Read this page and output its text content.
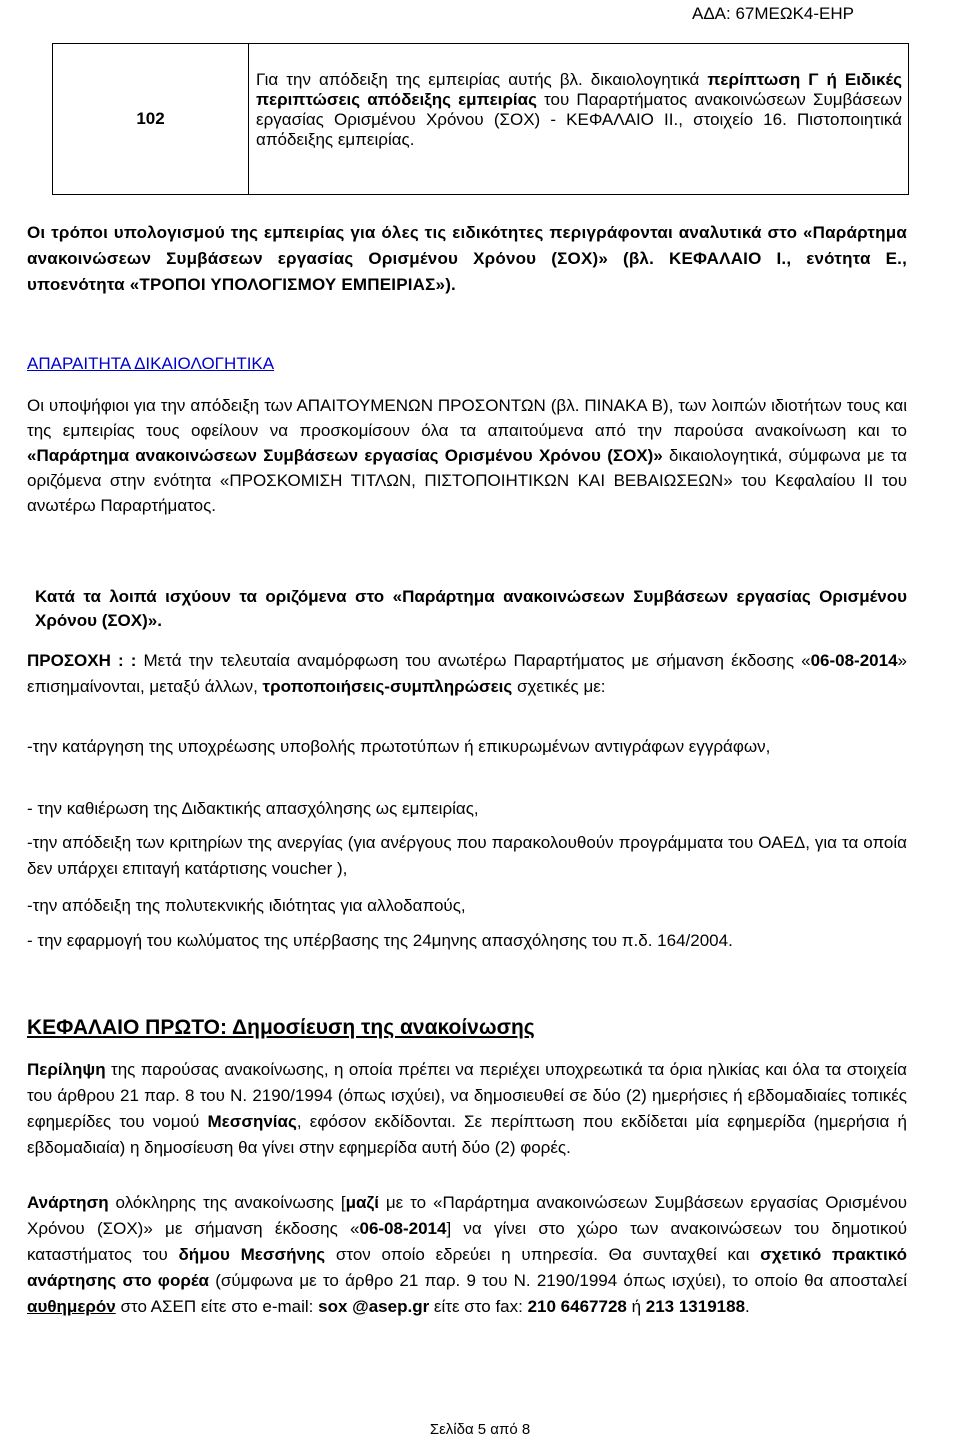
ΑΔΑ: 67ΜΕΩΚ4-ΕΗΡ
102
Για την απόδειξη της εμπειρίας αυτής βλ. δικαιολογητικά περίπτωση Γ ή Ειδικές περιπτώσεις απόδειξης εμπειρίας του Παραρτήματος ανακοινώσεων Συμβάσεων εργασίας Ορισμένου Χρόνου (ΣΟΧ) - ΚΕΦΑΛΑΙΟ ΙΙ., στοιχείο 16. Πιστοποιητικά απόδειξης εμπειρίας.
Οι τρόποι υπολογισμού της εμπειρίας για όλες τις ειδικότητες περιγράφονται αναλυτικά στο «Παράρτημα ανακοινώσεων Συμβάσεων εργασίας Ορισμένου Χρόνου (ΣΟΧ)» (βλ. ΚΕΦΑΛΑΙΟ Ι., ενότητα Ε., υποενότητα «ΤΡΟΠΟΙ ΥΠΟΛΟΓΙΣΜΟΥ ΕΜΠΕΙΡΙΑΣ»).
ΑΠΑΡΑΙΤΗΤΑ ΔΙΚΑΙΟΛΟΓΗΤΙΚΑ
Οι υποψήφιοι για την απόδειξη των ΑΠΑΙΤΟΥΜΕΝΩΝ ΠΡΟΣΟΝΤΩΝ (βλ. ΠΙΝΑΚΑ Β), των λοιπών ιδιοτήτων τους και της εμπειρίας τους οφείλουν να προσκομίσουν όλα τα απαιτούμενα από την παρούσα ανακοίνωση και το «Παράρτημα ανακοινώσεων Συμβάσεων εργασίας Ορισμένου Χρόνου (ΣΟΧ)» δικαιολογητικά, σύμφωνα με τα οριζόμενα στην ενότητα «ΠΡΟΣΚΟΜΙΣΗ ΤΙΤΛΩΝ, ΠΙΣΤΟΠΟΙΗΤΙΚΩΝ ΚΑΙ ΒΕΒΑΙΩΣΕΩΝ» του Κεφαλαίου ΙΙ του ανωτέρω Παραρτήματος.
Κατά τα λοιπά ισχύουν τα οριζόμενα στο «Παράρτημα ανακοινώσεων Συμβάσεων εργασίας Ορισμένου Χρόνου (ΣΟΧ)».
ΠΡΟΣΟΧΗ : : Μετά την τελευταία αναμόρφωση του ανωτέρω Παραρτήματος με σήμανση έκδοσης «06-08-2014» επισημαίνονται, μεταξύ άλλων, τροποποιήσεις-συμπληρώσεις σχετικές με:
-την κατάργηση της υποχρέωσης υποβολής πρωτοτύπων ή επικυρωμένων αντιγράφων εγγράφων,
- την καθιέρωση της Διδακτικής απασχόλησης ως εμπειρίας,
-την απόδειξη των κριτηρίων της ανεργίας (για ανέργους που παρακολουθούν προγράμματα του ΟΑΕΔ, για τα οποία δεν υπάρχει επιταγή κατάρτισης voucher ),
-την απόδειξη της πολυτεκνικής ιδιότητας για αλλοδαπούς,
- την εφαρμογή του κωλύματος της υπέρβασης της 24μηνης απασχόλησης του π.δ. 164/2004.
ΚΕΦΑΛΑΙΟ ΠΡΩΤΟ: Δημοσίευση της ανακοίνωσης
Περίληψη της παρούσας ανακοίνωσης, η οποία πρέπει να περιέχει υποχρεωτικά τα όρια ηλικίας και όλα τα στοιχεία του άρθρου 21 παρ. 8 του Ν. 2190/1994 (όπως ισχύει), να δημοσιευθεί σε δύο (2) ημερήσιες ή εβδομαδιαίες τοπικές εφημερίδες του νομού Μεσσηνίας, εφόσον εκδίδονται. Σε περίπτωση που εκδίδεται μία εφημερίδα (ημερήσια ή εβδομαδιαία) η δημοσίευση θα γίνει στην εφημερίδα αυτή δύο (2) φορές.
Ανάρτηση ολόκληρης της ανακοίνωσης [μαζί με το «Παράρτημα ανακοινώσεων Συμβάσεων εργασίας Ορισμένου Χρόνου (ΣΟΧ)» με σήμανση έκδοσης «06-08-2014] να γίνει στο χώρο των ανακοινώσεων του δημοτικού καταστήματος του δήμου Μεσσήνης στον οποίο εδρεύει η υπηρεσία. Θα συνταχθεί και σχετικό πρακτικό ανάρτησης στο φορέα (σύμφωνα με το άρθρο 21 παρ. 9 του Ν. 2190/1994 όπως ισχύει), το οποίο θα αποσταλεί αυθημερόν στο ΑΣΕΠ είτε στο e-mail: sox @asep.gr είτε στο fax: 210 6467728 ή 213 1319188.
Σελίδα 5 από 8
